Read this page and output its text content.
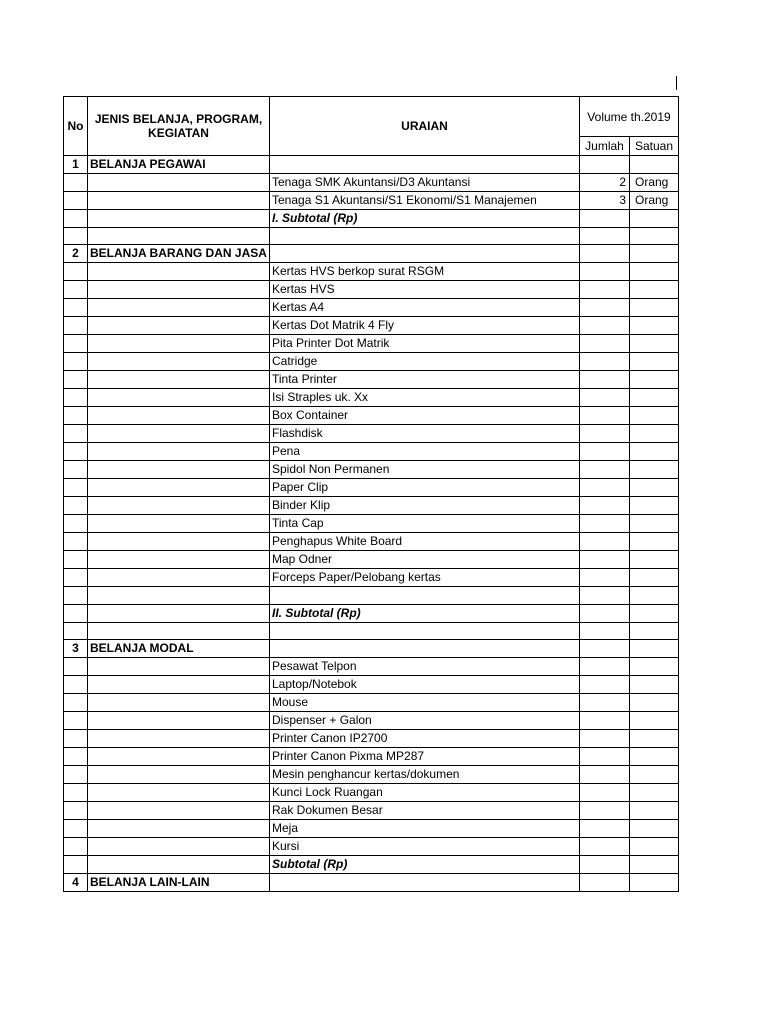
No	JENIS BELANJA, PROGRAM, KEGIATAN	URAIAN	Volume th.2019	
			Jumlah	Satuan
1	BELANJA PEGAWAI			
		Tenaga SMK Akuntansi/D3 Akuntansi	2	Orang
		Tenaga S1 Akuntansi/S1 Ekonomi/S1 Manajemen	3	Orang
		I. Subtotal (Rp)		

2	BELANJA BARANG DAN JASA			
		Kertas HVS berkop surat RSGM		
		Kertas HVS		
		Kertas A4		
		Kertas Dot Matrik 4 Fly		
		Pita Printer Dot Matrik		
		Catridge		
		Tinta Printer		
		Isi Straples uk. Xx		
		Box Container		
		Flashdisk		
		Pena		
		Spidol Non Permanen		
		Paper Clip		
		Binder Klip		
		Tinta Cap		
		Penghapus White Board		
		Map Odner		
		Forceps Paper/Pelobang kertas		

		II. Subtotal (Rp)		

3	BELANJA MODAL			
		Pesawat Telpon		
		Laptop/Notebok		
		Mouse		
		Dispenser + Galon		
		Printer Canon IP2700		
		Printer Canon Pixma MP287		
		Mesin penghancur kertas/dokumen		
		Kunci Lock Ruangan		
		Rak Dokumen Besar		
		Meja		
		Kursi		
		Subtotal (Rp)		
4	BELANJA LAIN-LAIN			
